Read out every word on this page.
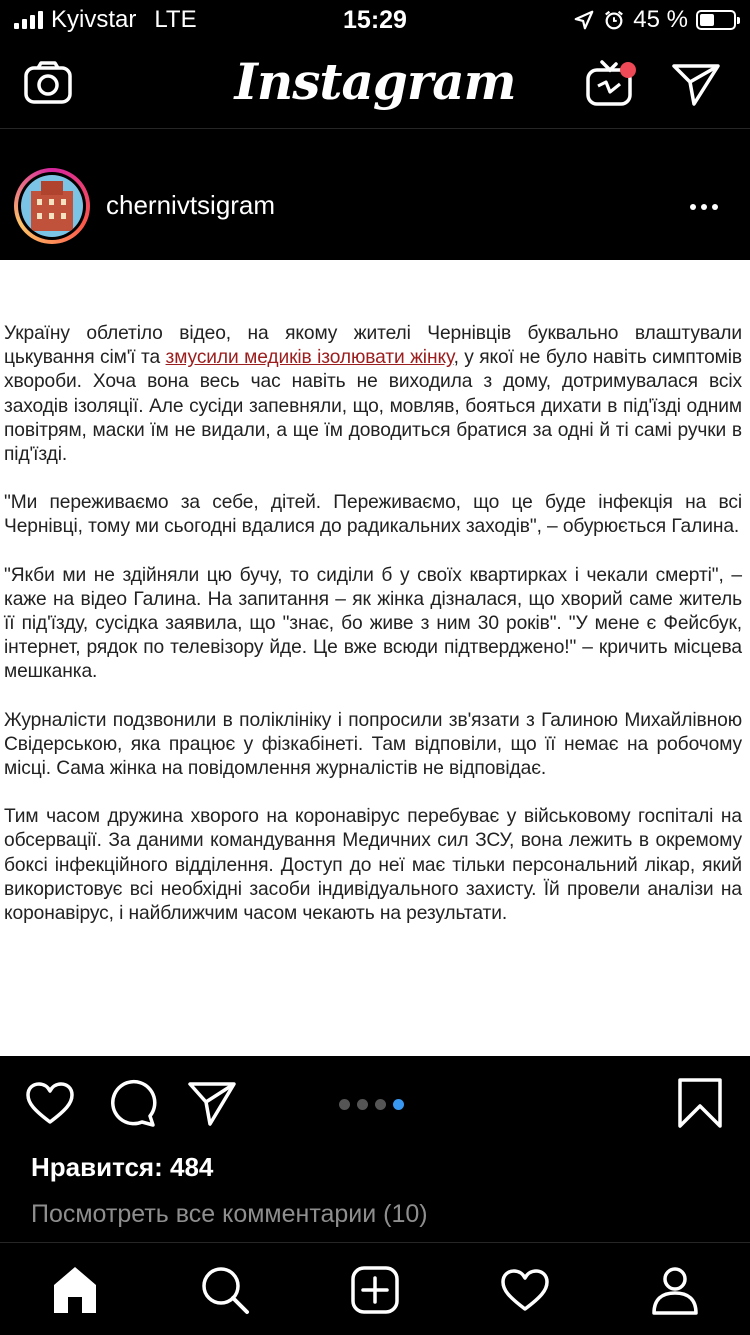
Kyivstar LTE	15:29	45 %
Instagram
chernivtsigram

Україну облетіло відео, на якому жителі Чернівців буквально влаштували цькування сім'ї та змусили медиків ізолювати жінку, у якої не було навіть симптомів хвороби. Хоча вона весь час навіть не виходила з дому, дотримувалася всіх заходів ізоляції. Але сусіди запевняли, що, мовляв, бояться дихати в під'їзді одним повітрям, маски їм не видали, а ще їм доводиться братися за одні й ті самі ручки в під'їзді.

"Ми переживаємо за себе, дітей. Переживаємо, що це буде інфекція на всі Чернівці, тому ми сьогодні вдалися до радикальних заходів", – обурюється Галина.

"Якби ми не здійняли цю бучу, то сиділи б у своїх квартирках і чекали смерті", – каже на відео Галина. На запитання – як жінка дізналася, що хворий саме житель її під'їзду, сусідка заявила, що "знає, бо живе з ним 30 років". "У мене є Фейсбук, інтернет, рядок по телевізору йде. Це вже всюди підтверджено!" – кричить місцева мешканка.

Журналісти подзвонили в поліклініку і попросили зв'язати з Галиною Михайлівною Свідерською, яка працює у фізкабінеті. Там відповіли, що її немає на робочому місці. Сама жінка на повідомлення журналістів не відповідає.

Тим часом дружина хворого на коронавірус перебуває у військовому госпіталі на обсервації. За даними командування Медичних сил ЗСУ, вона лежить в окремому боксі інфекційного відділення. Доступ до неї має тільки персональний лікар, який використовує всі необхідні засоби індивідуального захисту. Їй провели аналізи на коронавірус, і найближчим часом чекають на результати.

Нравится: 484
Посмотреть все комментарии (10)
